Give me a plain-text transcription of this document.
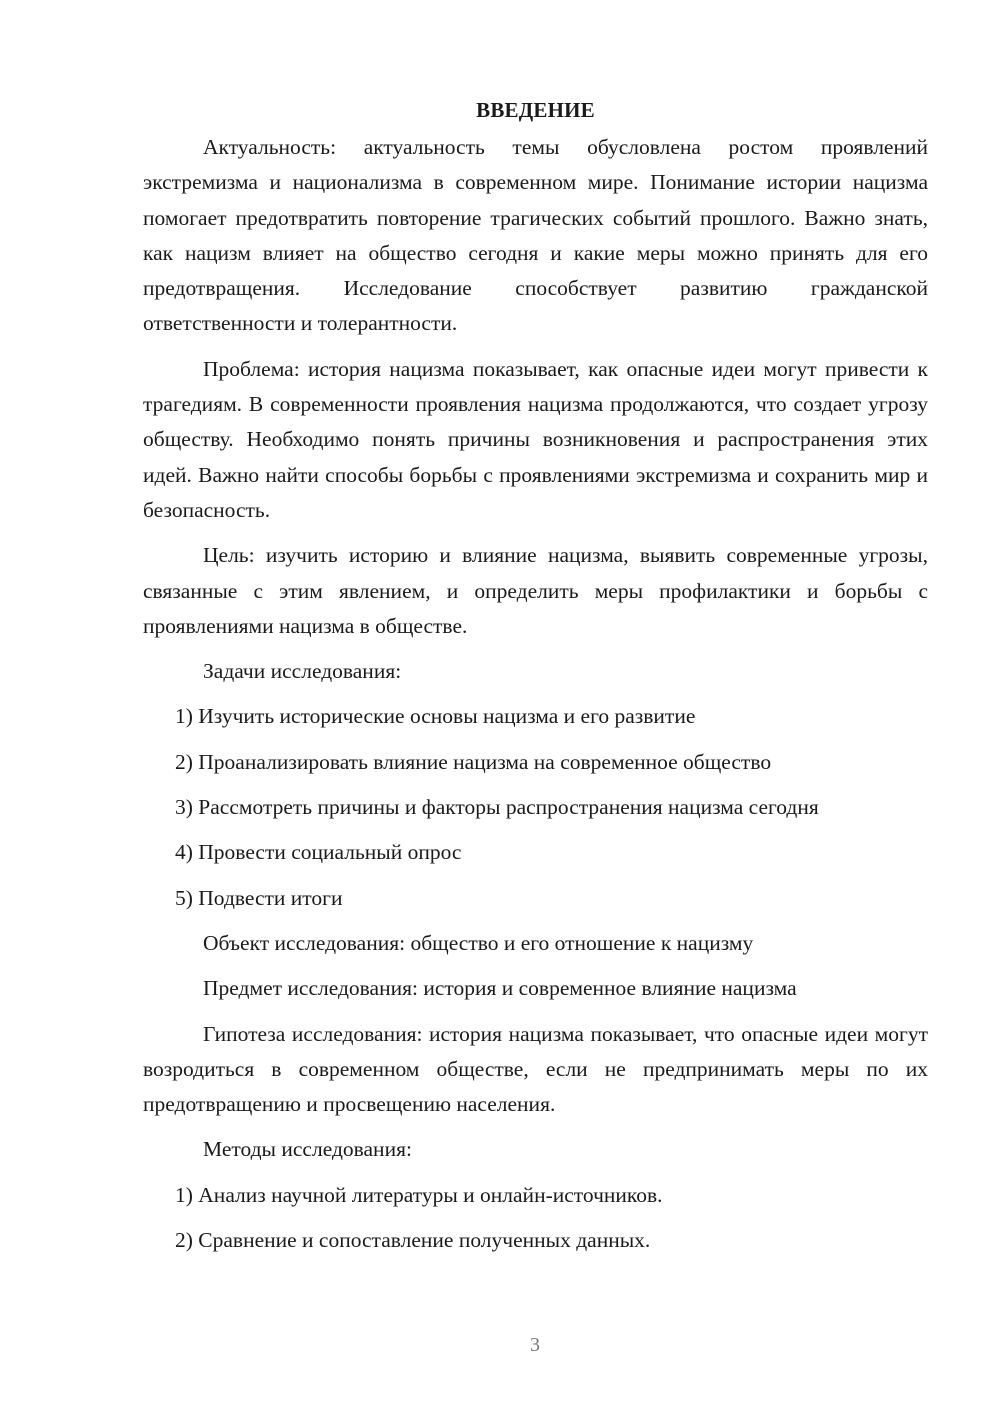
ВВЕДЕНИЕ

Актуальность: актуальность темы обусловлена ростом проявлений экстремизма и национализма в современном мире. Понимание истории нацизма помогает предотвратить повторение трагических событий прошлого. Важно знать, как нацизм влияет на общество сегодня и какие меры можно принять для его предотвращения. Исследование способствует развитию гражданской ответственности и толерантности.

Проблема: история нацизма показывает, как опасные идеи могут привести к трагедиям. В современности проявления нацизма продолжаются, что создает угрозу обществу. Необходимо понять причины возникновения и распространения этих идей. Важно найти способы борьбы с проявлениями экстремизма и сохранить мир и безопасность.

Цель: изучить историю и влияние нацизма, выявить современные угрозы, связанные с этим явлением, и определить меры профилактики и борьбы с проявлениями нацизма в обществе.

Задачи исследования:

1) Изучить исторические основы нацизма и его развитие

2) Проанализировать влияние нацизма на современное общество

3) Рассмотреть причины и факторы распространения нацизма сегодня

4) Провести социальный опрос

5) Подвести итоги

Объект исследования: общество и его отношение к нацизму

Предмет исследования: история и современное влияние нацизма

Гипотеза исследования: история нацизма показывает, что опасные идеи могут возродиться в современном обществе, если не предпринимать меры по их предотвращению и просвещению населения.

Методы исследования:

1) Анализ научной литературы и онлайн-источников.

2) Сравнение и сопоставление полученных данных.

3
